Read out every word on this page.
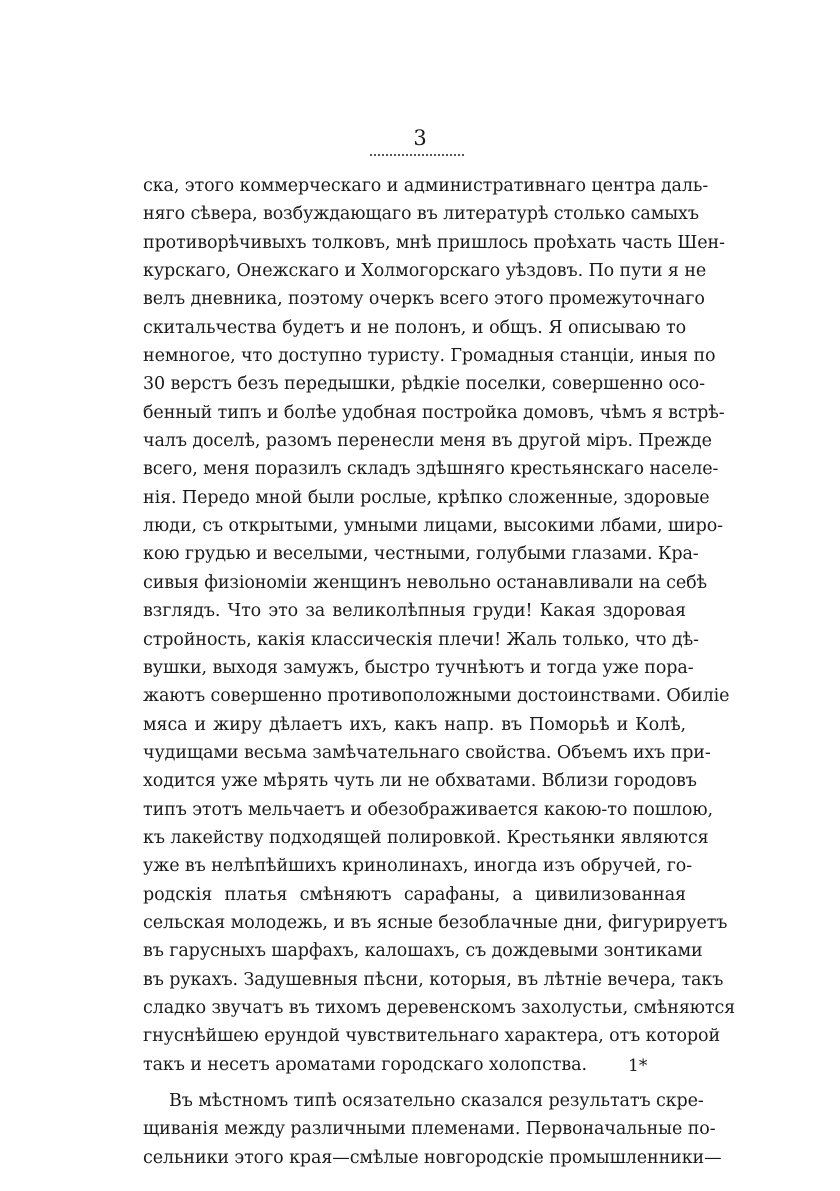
3
ска, этого коммерческаго и административнаго центра даль-
няго сѣвера, возбуждающаго въ литературѣ столько самыхъ
противорѣчивыхъ толковъ, мнѣ пришлось проѣхать часть Шен-
курскаго, Онежскаго и Холмогорскаго уѣздовъ. По пути я не
велъ дневника, поэтому очеркъ всего этого промежуточнаго
скитальчества будетъ и не полонъ, и общъ. Я описываю то
немногое, что доступно туристу. Громадныя станціи, иныя по
30 верстъ безъ передышки, рѣдкіе поселки, совершенно осо-
бенный типъ и болѣе удобная постройка домовъ, чѣмъ я встрѣ-
чалъ доселѣ, разомъ перенесли меня въ другой міръ. Прежде
всего, меня поразилъ складъ здѣшняго крестьянскаго населе-
нія. Передо мной были рослые, крѣпко сложенные, здоровые
люди, съ открытыми, умными лицами, высокими лбами, широ-
кою грудью и веселыми, честными, голубыми глазами. Кра-
сивыя физіономіи женщинъ невольно останавливали на себѣ
взглядъ. Что это за великолѣпныя груди! Какая здоровая
стройность, какія классическія плечи! Жаль только, что дѣ-
вушки, выходя замужъ, быстро тучнѣютъ и тогда уже пора-
жаютъ совершенно противоположными достоинствами. Обиліе
мяса и жиру дѣлаетъ ихъ, какъ напр. въ Поморьѣ и Колѣ,
чудищами весьма замѣчательнаго свойства. Объемъ ихъ при-
ходится уже мѣрять чуть ли не обхватами. Вблизи городовъ
типъ этотъ мельчаетъ и обезображивается какою-то пошлою,
къ лакейству подходящей полировкой. Крестьянки являются
уже въ нелѣпѣйшихъ кринолинахъ, иногда изъ обручей, го-
родскія платья смѣняютъ сарафаны, а цивилизованная
сельская молодежь, и въ ясные безоблачные дни, фигурируетъ
въ гарусныхъ шарфахъ, калошахъ, съ дождевыми зонтиками
въ рукахъ. Задушевныя пѣсни, которыя, въ лѣтніе вечера, такъ
сладко звучатъ въ тихомъ деревенскомъ захолустьи, смѣняются
гнуснѣйшею ерундой чувствительнаго характера, отъ которой
такъ и несетъ ароматами городскаго холопства.
Въ мѣстномъ типѣ осязательно сказался результатъ скре-
щиванія между различными племенами. Первоначальные по-
сельники этого края—смѣлые новгородскіе промышленники—
1*
